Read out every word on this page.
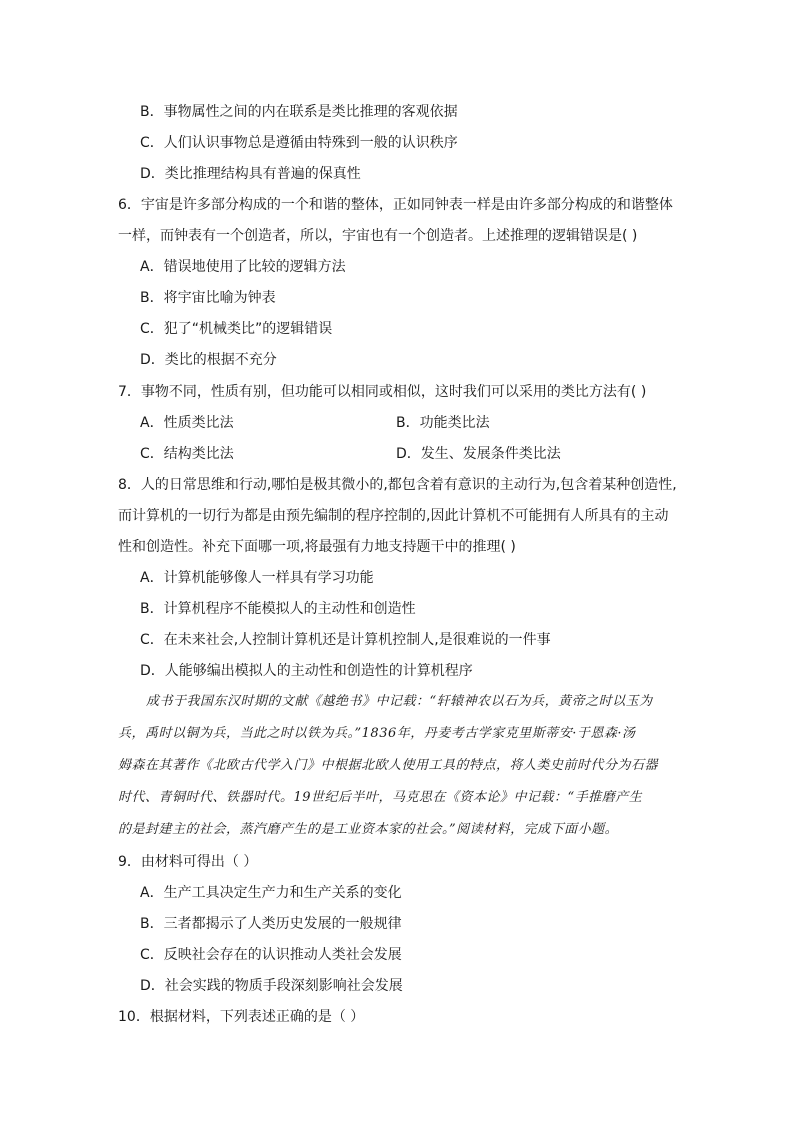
B．事物属性之间的内在联系是类比推理的客观依据
C．人们认识事物总是遵循由特殊到一般的认识秩序
D．类比推理结构具有普遍的保真性
6．宇宙是许多部分构成的一个和谐的整体，正如同钟表一样是由许多部分构成的和谐整体
一样，而钟表有一个创造者，所以，宇宙也有一个创造者。上述推理的逻辑错误是( )
A．错误地使用了比较的逻辑方法
B．将宇宙比喻为钟表
C．犯了“机械类比”的逻辑错误
D．类比的根据不充分
7．事物不同，性质有别，但功能可以相同或相似，这时我们可以采用的类比方法有( )
A．性质类比法	B．功能类比法
C．结构类比法	D．发生、发展条件类比法
8．人的日常思维和行动,哪怕是极其微小的,都包含着有意识的主动行为,包含着某种创造性,
而计算机的一切行为都是由预先编制的程序控制的,因此计算机不可能拥有人所具有的主动
性和创造性。补充下面哪一项,将最强有力地支持题干中的推理( )
A．计算机能够像人一样具有学习功能
B．计算机程序不能模拟人的主动性和创造性
C．在未来社会,人控制计算机还是计算机控制人,是很难说的一件事
D．人能够编出模拟人的主动性和创造性的计算机程序
成书于我国东汉时期的文献《越绝书》中记载：“轩辕神农以石为兵，黄帝之时以玉为
兵，禹时以铜为兵，当此之时以铁为兵。”1836年，丹麦考古学家克里斯蒂安·于恩森·汤
姆森在其著作《北欧古代学入门》中根据北欧人使用工具的特点，将人类史前时代分为石器
时代、青铜时代、铁器时代。19世纪后半叶，马克思在《资本论》中记载：“手推磨产生
的是封建主的社会，蒸汽磨产生的是工业资本家的社会。”阅读材料，完成下面小题。
9．由材料可得出（ ）
A．生产工具决定生产力和生产关系的变化
B．三者都揭示了人类历史发展的一般规律
C．反映社会存在的认识推动人类社会发展
D．社会实践的物质手段深刻影响社会发展
10．根据材料，下列表述正确的是（ ）
